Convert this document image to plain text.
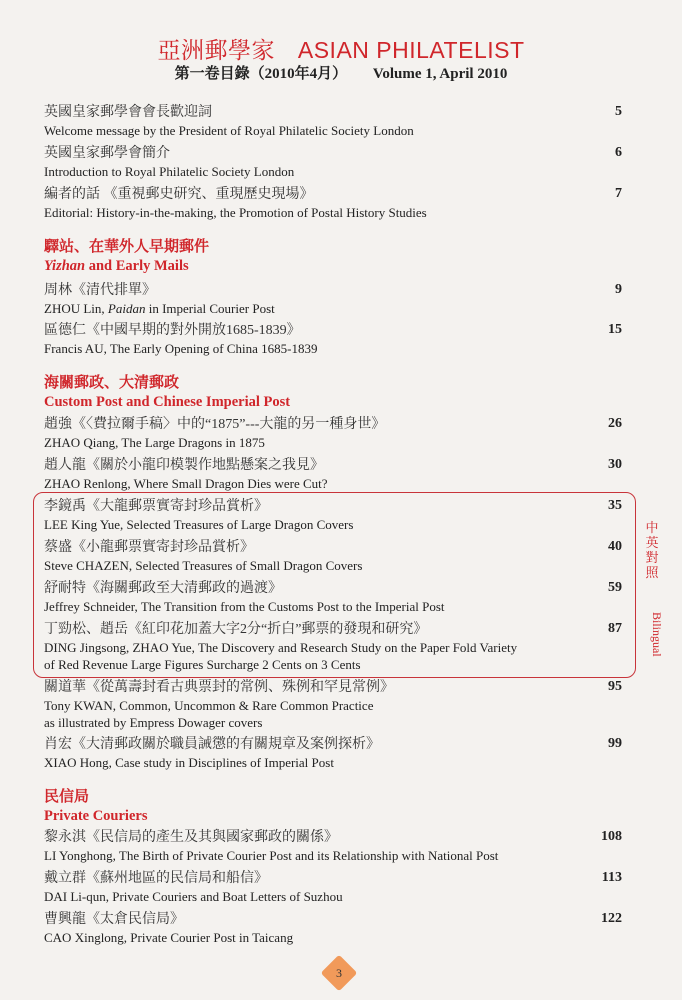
亞洲郵學家 ASIAN PHILATELIST
第一卷目錄（2010年4月） Volume 1, April 2010
英國皇家郵學會會長歡迎詞
Welcome message by the President of Royal Philatelic Society London
5
英國皇家郵學會簡介
Introduction to Royal Philatelic Society London
6
編者的話 《重視郵史研究、重現歷史現場》
Editorial: History-in-the-making, the Promotion of Postal History Studies
7
驛站、在華外人早期郵件
Yizhan and Early Mails
周林《清代排單》
ZHOU Lin, Paidan in Imperial Courier Post
9
區德仁《中國早期的對外開放1685-1839》
Francis AU, The Early Opening of China 1685-1839
15
海關郵政、大清郵政
Custom Post and Chinese Imperial Post
趙強《〈費拉爾手稿〉中的“1875”---大龍的另一種身世》
ZHAO Qiang, The Large Dragons in 1875
26
趙人龍《關於小龍印模製作地點懸案之我見》
ZHAO Renlong, Where Small Dragon Dies were Cut?
30
李鏡禹《大龍郵票實寄封珍品賞析》
LEE King Yue, Selected Treasures of Large Dragon Covers
35
蔡盛《小龍郵票實寄封珍品賞析》
Steve CHAZEN, Selected Treasures of Small Dragon Covers
40
舒耐特《海關郵政至大清郵政的過渡》
Jeffrey Schneider, The Transition from the Customs Post to the Imperial Post
59
丁勁松、趙岳《紅印花加蓋大字2分“折白”郵票的發現和研究》
DING Jingsong, ZHAO Yue, The Discovery and Research Study on the Paper Fold Variety
of Red Revenue Large Figures Surcharge 2 Cents on 3 Cents
87
中英對照
Bilingual
關道華《從萬壽封看古典票封的常例、殊例和罕見常例》
Tony KWAN, Common, Uncommon & Rare Common Practice
as illustrated by Empress Dowager covers
95
肖宏《大清郵政關於職員誡懲的有關規章及案例探析》
XIAO Hong, Case study in Disciplines of Imperial Post
99
民信局
Private Couriers
黎永淇《民信局的產生及其與國家郵政的關係》
LI Yonghong, The Birth of Private Courier Post and its Relationship with National Post
108
戴立群《蘇州地區的民信局和船信》
DAI Li-qun, Private Couriers and Boat Letters of Suzhou
113
曹興龍《太倉民信局》
CAO Xinglong, Private Courier Post in Taicang
122
3
